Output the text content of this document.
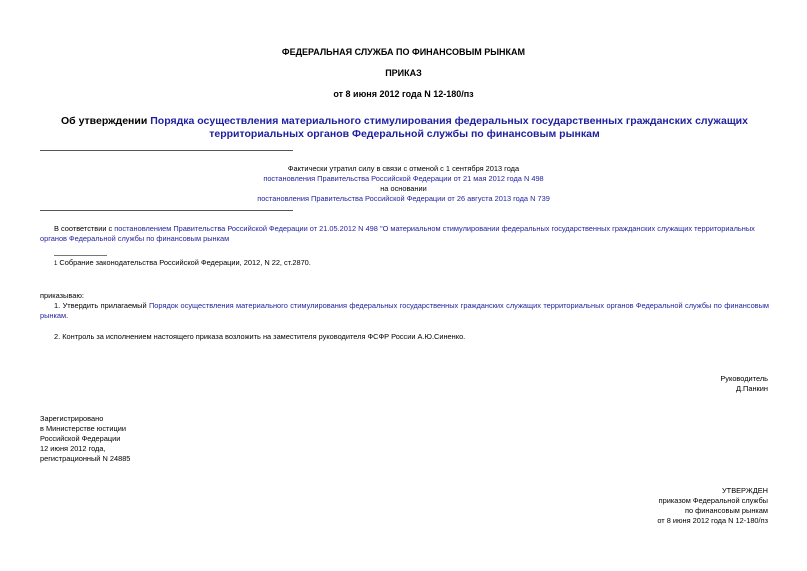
ФЕДЕРАЛЬНАЯ СЛУЖБА ПО ФИНАНСОВЫМ РЫНКАМ
ПРИКАЗ
от 8 июня 2012 года N 12-180/пз
Об утверждении Порядка осуществления материального стимулирования федеральных государственных гражданских служащих территориальных органов Федеральной службы по финансовым рынкам
Фактически утратил силу в связи с отменой с 1 сентября 2013 года
постановления Правительства Российской Федерации от 21 мая 2012 года N 498
на основании
постановления Правительства Российской Федерации от 26 августа 2013 года N 739
В соответствии с постановлением Правительства Российской Федерации от 21.05.2012 N 498 "О материальном стимулировании федеральных государственных гражданских служащих территориальных органов Федеральной службы по финансовым рынкам
1 Собрание законодательства Российской Федерации, 2012, N 22, ст.2870.
приказываю:
1. Утвердить прилагаемый Порядок осуществления материального стимулирования федеральных государственных гражданских служащих территориальных органов Федеральной службы по финансовым рынкам.
2. Контроль за исполнением настоящего приказа возложить на заместителя руководителя ФСФР России А.Ю.Синенко.
Руководитель
Д.Панкин
Зарегистрировано
в Министерстве юстиции
Российской Федерации
12 июня 2012 года,
регистрационный N 24885
УТВЕРЖДЕН
приказом Федеральной службы
по финансовым рынкам
от 8 июня 2012 года N 12-180/пз
